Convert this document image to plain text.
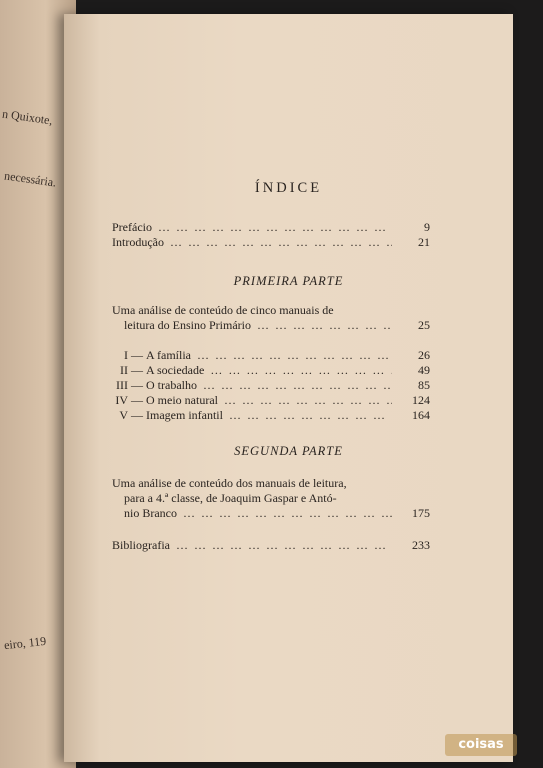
n Quixote,
necessária.
eiro, 119
ÍNDICE
Prefácio … … … … … … … … … … … … … … … … … … … … … … … … …	9
Introdução … … … … … … … … … … … … … … … … … … … … … … … … …	21
PRIMEIRA PARTE
Uma análise de conteúdo de cinco manuais de
leitura do Ensino Primário … … … … … … … … … … … … … … … … … … … … … … … … …	25
I — A família … … … … … … … … … … … … … … … … … … … … … … … … …	26
II — A sociedade … … … … … … … … … … … … … … … … … … … … … … … … …	49
III — O trabalho … … … … … … … … … … … … … … … … … … … … … … … … …	85
IV — O meio natural … … … … … … … … … … … … … … … … … … … … … … … … …	124
V — Imagem infantil … … … … … … … … … … … … … … … … … … … … … … … … …	164
SEGUNDA PARTE
Uma análise de conteúdo dos manuais de leitura,
para a 4.ª classe, de Joaquim Gaspar e Antó-
nio Branco … … … … … … … … … … … … … … … … … … … … … … … … …	175
Bibliografia … … … … … … … … … … … … … … … … … … … … … … … … …	233
coisas
